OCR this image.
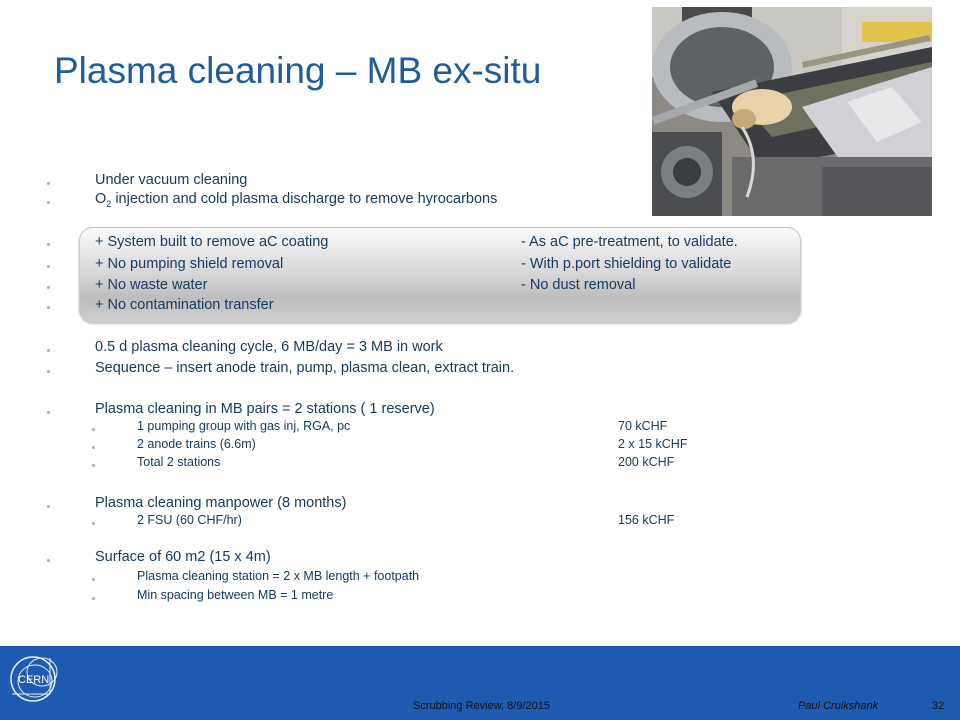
Plasma cleaning – MB ex-situ
Under vacuum cleaning
$O_2$ injection and cold plasma discharge to remove hyrocarbons
+ System built to remove aC coating	- As aC pre-treatment, to validate.
+ No pumping shield removal	- With p.port shielding to validate
+ No waste water	- No dust removal
+ No contamination transfer
0.5 d plasma cleaning cycle, 6 MB/day = 3 MB in work
Sequence – insert anode train, pump, plasma clean, extract train.
Plasma cleaning in MB pairs = 2 stations ( 1 reserve)
1 pumping group with gas inj, RGA, pc	70 kCHF
2 anode trains (6.6m)	2 x 15 kCHF
Total 2 stations	200 kCHF
Plasma cleaning manpower (8 months)
2 FSU (60 CHF/hr)	156 kCHF
Surface of 60 m2 (15 x 4m)
Plasma cleaning station = 2 x MB length + footpath
Min spacing between MB = 1 metre
CERN
Scrubbing Review, 8/9/2015	Paul Cruikshank	32
